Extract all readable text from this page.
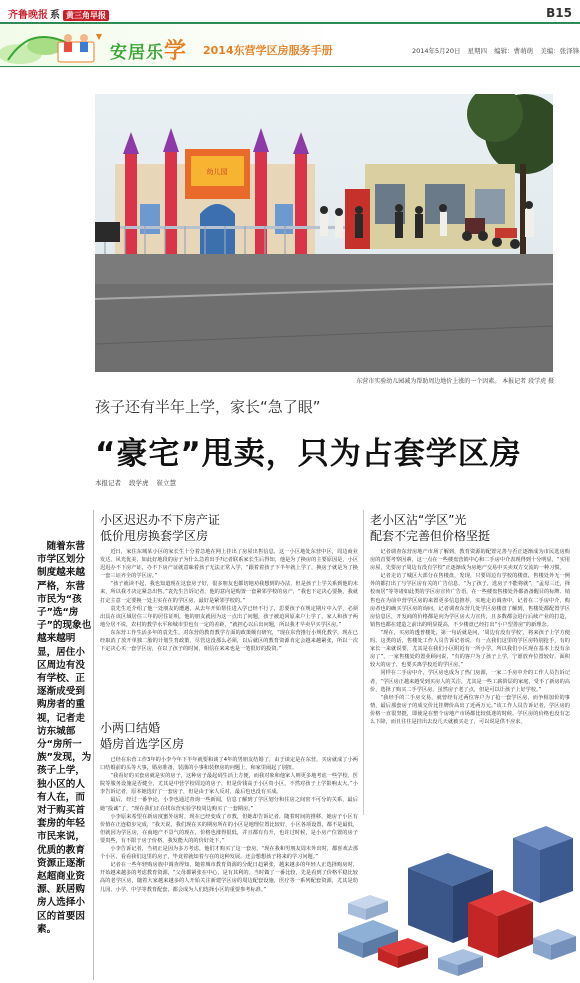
齐鲁晚报 系 黄三角早报	B15
安居乐学 2014东营学区房服务手册	2014年5月20日 星期四 编辑：曹萌萌 美编：张泽锋
幼儿园
东营市实验幼儿园减为帮助周边地价上涨的一个因素。 本报记者 段学虎 摄
孩子还有半年上学，家长“急了眼”
“豪宅”甩卖，只为占套学区房
本报记者 段学虎 崔立慧
随着东营市学区划分制度越来越严格，东营市民为“孩子”选“房子”的现象也越来越明显，居住小区周边有没有学校、正逐渐成受到购房者的重视，记者走访东城部分“房所一族”发现，为孩子上学，独小区的人有人在，而对于购买首套房的年轻市民来说，优质的教育资源正逐渐赵超商业资源、跃居购房人选择小区的首要因素。
小区迟迟办不下房产证
低价甩房换套学区房

近日，家住东城某小区的家长生十分着急地在网上挂出了房屋出售信息，这一小区地处东营中区，周边商业发达、风光优美，如此好地段的房子为什么急着出手?记者联系家长生后得知，他是为了换房的主要原因是，小区迟迟办不下房产证，办不下房产证就意味着孩子无法正常入学，“跟着着孩子下半年就上学了，换房子就是为了换一套三证齐全的学区房。”

“孩子就读不起，我也知道现在这套房子好，很多朋友也都切地劝我想到的办法，但是孩子上学关系到他的未来，所以我才决定紧急出售。”袁先生告诉记者，他的意向是购置一套紧邻学校的房产，“我也下定决心要换，我就打定主意一定要换一处主实在在的学区房，最好是紧邻学校的。”

袁先生近介绍了他一处朋友的遭遇，从去年开始帮住进入学已经不行了，思要孩子在规定期片中入学，必须出具在该区域居住三年的居住证明，他的朋友就因为这一点出了问题，孩子被迫回原来户上学了，家人和孩子两地分居不说，农村的教学水平和城市里也有一定的差距，“就担心以后出问题，所以我才早卖早买学区房。”

东东营工作生活多年的袁先生，对东营的教育教学方面的政策颇有研究，“现在东营推行小规化教学，现在已经取消了放开单独二胎的计划生育政策，尽管这没那么必须，以后就区的教育资源肯定会越来越紧张，所以一次下定决心买一套学区房，在以了孩子的时间，相信在来来也是一笔很好的投资。”

小两口结婚
婚房首选学区房

已经在东营工作3年的小李今年下半年就要和谈了4年的男朋友结婚了，由于谈定是在东营，买房就成了小两口结婚前的头等大事，婚房准备，装潢的小事和装修房的问题上，和家里闹起了别扭。

“我看好的买套房就是实的房子，这种房子最起码生活上方便，而我对象和他家人则更多地考虑一些学校、医院等服务设施是否健全，尤其是中营学校周边的房子，但是价钱高于小区贵小区，不然对孩子上学影响太大。”小李告诉记者，原本她选好了一套房子，但是由于家人反对，最后也也没有买成。

最后，经过一番争论，小李也通过查询一些新闻，信息了解到了学区划分和住房之间密不可分的关系，最后她“投诚”了，“现在我们正在找东营实验学校周边购买了一套期房。”

小李原来希望在新房度蜜外房时，现在已经变成了市教，但她却告诉记者，随着时间的推移，她房子小区有价值在正连稳步完成，“我天说，我们现在买的期房所在的小区是地理位置比较好，小区各项设置，都不是最低，但就因为学区房，在商地产不景气的现在，价格也涨得很低，并且都有有升，也许过时候，是小房产位置的房子要贵些，有不限于房子价格，我发能大的的价好处下，”

小李告诉记者，当初正是因为多方考虑，他们才购买了这一套房，“现在我和男朋友周末外出时，都喜欢去那个小区，看看我们这里的房子，毕竟着就知着与在的这种发展，还会想想孩子将来的学习问题。”

记者在一些年轻购房族中调查得知，随着城市教育资源的分配日趋紧张，越来越多的年轻人正选择购房时，开始越来越多的考虑教育资源，“父母都紧张在中心，是有其利的。当时做了一番比较，先是看到了价格平稳比较高的老学区房，随着大家越来越多的人开始关注新建学区房的周边配套设施，医疗等一系列配套资源，尤其是幼儿园、小学、中学等教育配套，都会成为人们选择小区的重要参考标准。”

老小区沾“学区”光
配套不完善但价格坚挺

记者调查东营房地产市场了解到，教育资源的配置完善与否正逐渐成为市民选房购房的首要考察因素，这一点在一些楼盘营销中心和二手房中介表现得到十分明显，“实用房屋，先要房子周边有没有学校”正逐渐成为房地产交易中买卖双方交流的一种习惯。

记者走访了城区大部分在售楼盘，发现，只要周边有学校的楼盘，售楼处外无一例外的都打出了与学区房有关的广告信息，“为了孩子，选房子不能将就”，“孟母三迁，择校而居”等等诸如此类的学区房宣传广告语，在一些楼盘售楼处外都备备醒目的标牌、销售也在为前中营学区房的来置更多信息推荐，实地走访调查中，记者在二手房中介，购房者也的确买学区房的询问，记者调查东营几处学区房楼盘了解到，售楼处都配置学区房信息区，开发商的价格都是向为学区房大力宣传，且多数都会进行后续产业的打造，销售也都在建造之前出的明显提高，不少楼盘已经打出“小户型善房”的新理念。

“现在，买房的透普楼处，第一句话就是问，‘周边有没有学校’，将来孩子上学方便吗，这类的话，售楼处工作人员告诉记者说，有一点我们这里的学区房特别抢手，有的家长一来就说要，尤其是在我们小区附近有一所小学，所以我们小区现在基本上没有余房了”，一家售楼处的置业顾问说，“有的客户为了孩子上学，宁愿放弃位置较好、面积较大的房子，也要买离学校近的学区房。”

同样在二手房中介，学区房也成为了热门房源，一家二手房中介的工作人员告诉记者，“学区房正越来越受到买房人的关注，尤其是一些工薪阶层的家庭，受不了新房的高价，选择了购买二手学区房，虽然房子老了点，但是可以让孩子上好学校。”

“我经手的二手房交易，就曾经有过两位客户为了抢一套学区房，而争相加价的事情，最后那套房子的成交价比挂牌价高出了近两万元。”该工作人员告诉记者，学区房的价格一直很坚挺，即使是在整个房地产市场都比较低迷的时候，学区房的价格也没有怎么下降，而且往往是挂出去没几天就被买走了，可以说是供不应求。
